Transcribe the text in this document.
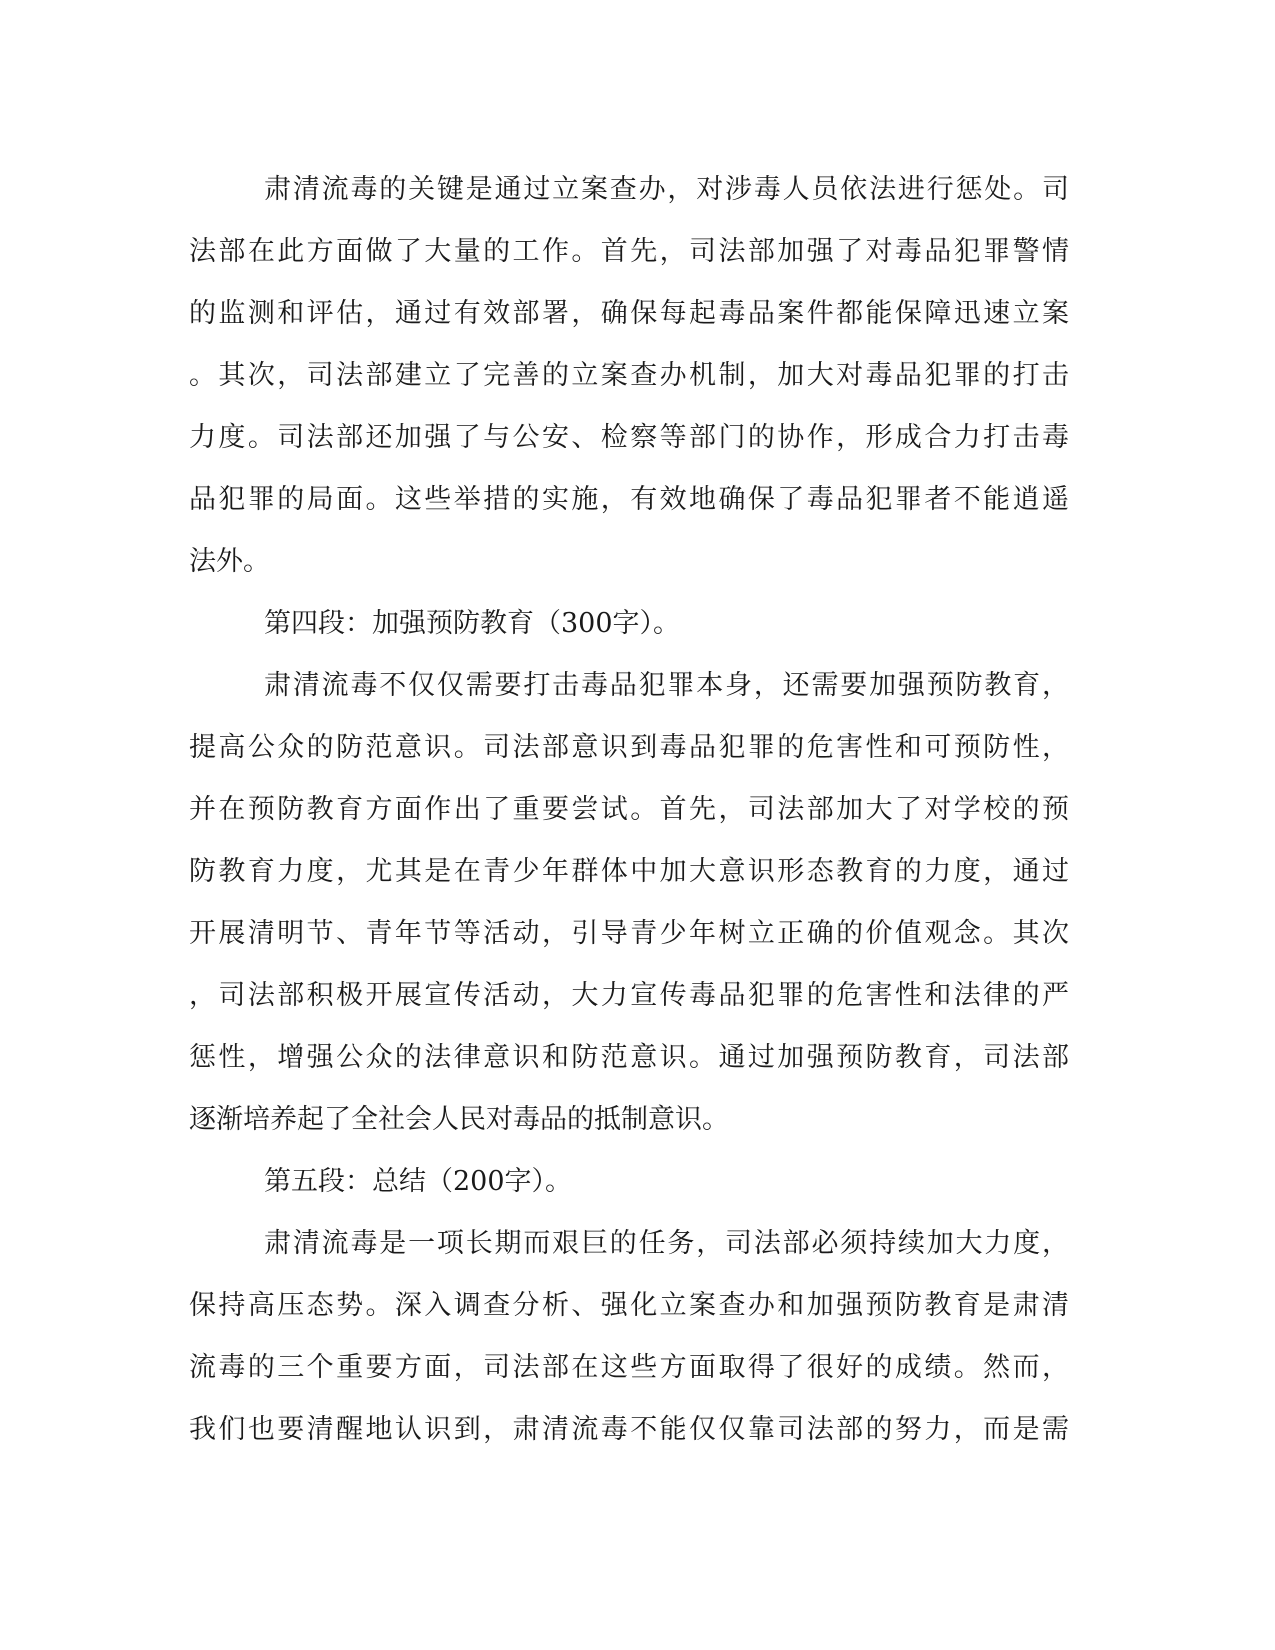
肃清流毒的关键是通过立案查办，对涉毒人员依法进行惩处。司
法部在此方面做了大量的工作。首先，司法部加强了对毒品犯罪警情
的监测和评估，通过有效部署，确保每起毒品案件都能保障迅速立案
。其次，司法部建立了完善的立案查办机制，加大对毒品犯罪的打击
力度。司法部还加强了与公安、检察等部门的协作，形成合力打击毒
品犯罪的局面。这些举措的实施，有效地确保了毒品犯罪者不能逍遥
法外。
第四段：加强预防教育（300字）。
肃清流毒不仅仅需要打击毒品犯罪本身，还需要加强预防教育，
提高公众的防范意识。司法部意识到毒品犯罪的危害性和可预防性，
并在预防教育方面作出了重要尝试。首先，司法部加大了对学校的预
防教育力度，尤其是在青少年群体中加大意识形态教育的力度，通过
开展清明节、青年节等活动，引导青少年树立正确的价值观念。其次
，司法部积极开展宣传活动，大力宣传毒品犯罪的危害性和法律的严
惩性，增强公众的法律意识和防范意识。通过加强预防教育，司法部
逐渐培养起了全社会人民对毒品的抵制意识。
第五段：总结（200字）。
肃清流毒是一项长期而艰巨的任务，司法部必须持续加大力度，
保持高压态势。深入调查分析、强化立案查办和加强预防教育是肃清
流毒的三个重要方面，司法部在这些方面取得了很好的成绩。然而，
我们也要清醒地认识到，肃清流毒不能仅仅靠司法部的努力，而是需
